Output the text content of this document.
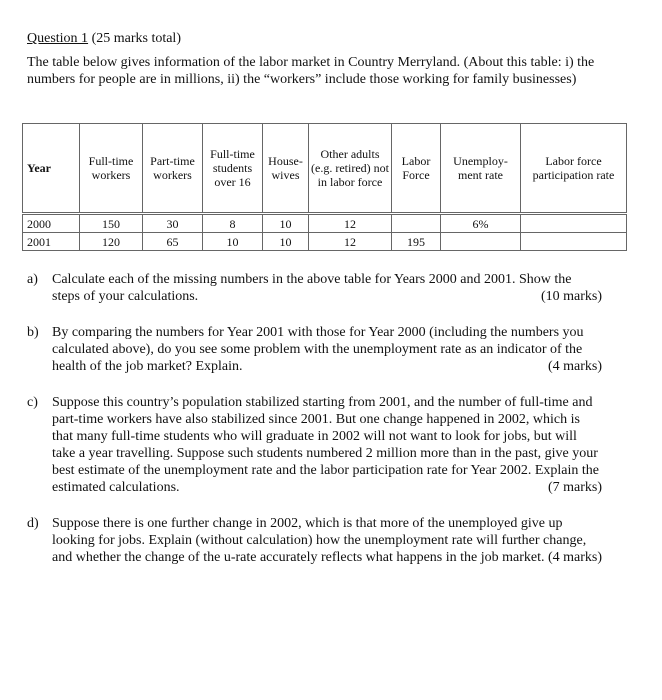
Question 1 (25 marks total)
The table below gives information of the labor market in Country Merryland. (About this table: i) the numbers for people are in millions, ii) the “workers” include those working for family businesses)
Year	Full-time workers	Part-time workers	Full-time students over 16	House-wives	Other adults (e.g. retired) not in labor force	Labor Force	Unemploy-ment rate	Labor force participation rate
2000	150	30	8	10	12		6%	
2001	120	65	10	10	12	195		
a) Calculate each of the missing numbers in the above table for Years 2000 and 2001. Show the steps of your calculations.	(10 marks)
b) By comparing the numbers for Year 2001 with those for Year 2000 (including the numbers you calculated above), do you see some problem with the unemployment rate as an indicator of the health of the job market? Explain.	(4 marks)
c) Suppose this country’s population stabilized starting from 2001, and the number of full-time and part-time workers have also stabilized since 2001. But one change happened in 2002, which is that many full-time students who will graduate in 2002 will not want to look for jobs, but will take a year travelling. Suppose such students numbered 2 million more than in the past, give your best estimate of the unemployment rate and the labor participation rate for Year 2002. Explain the estimated calculations.	(7 marks)
d) Suppose there is one further change in 2002, which is that more of the unemployed give up looking for jobs. Explain (without calculation) how the unemployment rate will further change, and whether the change of the u-rate accurately reflects what happens in the job market. (4 marks)
